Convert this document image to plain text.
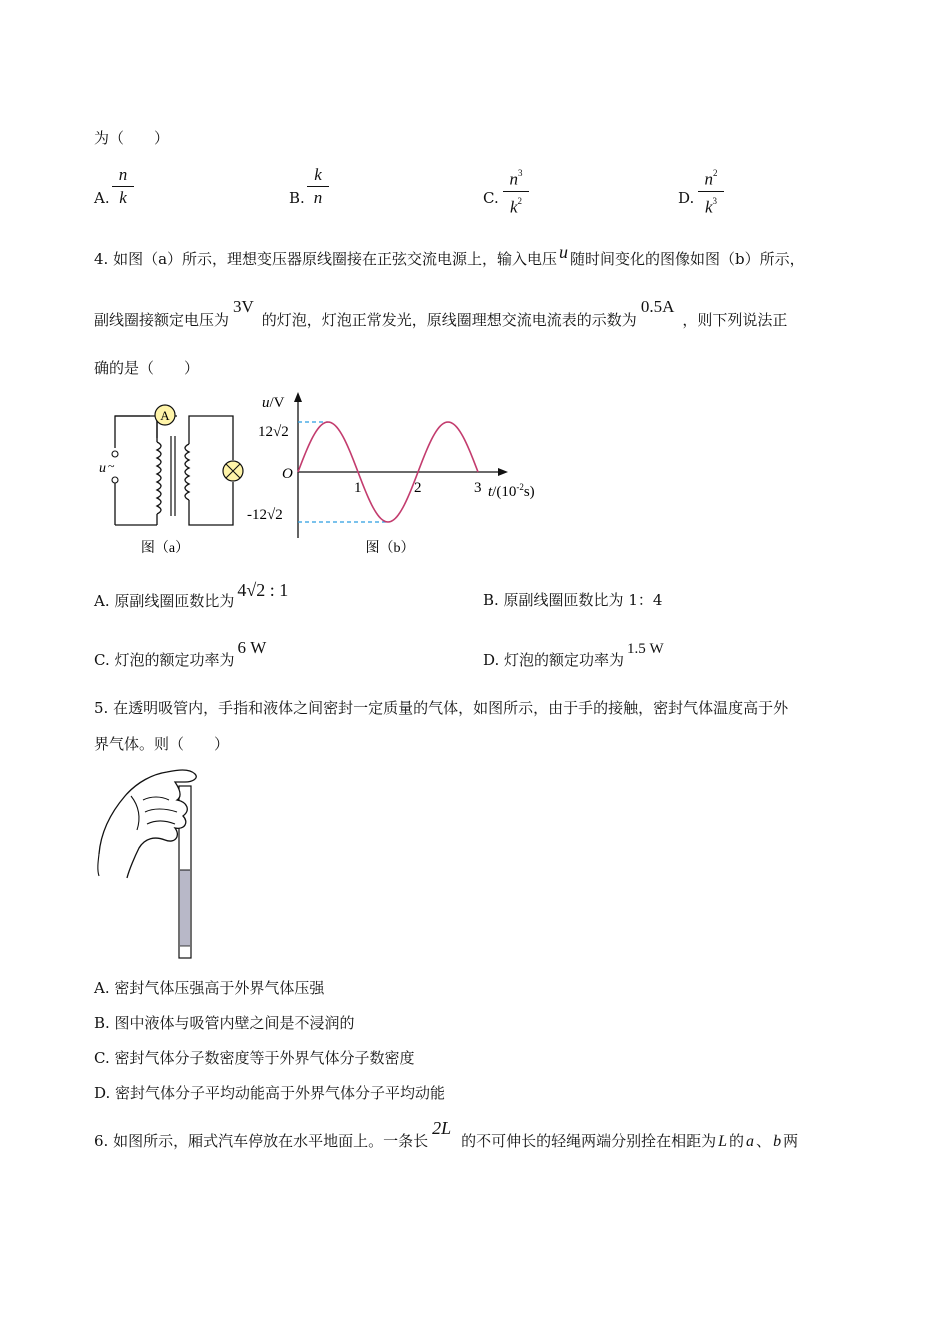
为（　　）
A.
n
k	B.
k
n	C.
$n^3$
$k^2$	D.
$n^2$
$k^3$
4. 如图（a）所示，理想变压器原线圈接在正弦交流电源上，输入电压 u 随时间变化的图像如图（b）所示，
副线圈接额定电压为3V的灯泡，灯泡正常发光，原线圈理想交流电流表的示数为0.5A，则下列说法正
确的是（　　）
A
u ~
图（a）
u/V
O
12√2
-12√2
1	2	3 $t/(10^{-2}s)$
图（b）
A. 原副线圈匝数比为4√2 : 1	B. 原副线圈匝数比为 1：4
C. 灯泡的额定功率为6 W
D. 灯泡的额定功率为1.5 W
5. 在透明吸管内，手指和液体之间密封一定质量的气体，如图所示，由于手的接触，密封气体温度高于外
界气体。则（　　）
A. 密封气体压强高于外界气体压强
B. 图中液体与吸管内壁之间是不浸润的
C. 密封气体分子数密度等于外界气体分子数密度
D. 密封气体分子平均动能高于外界气体分子平均动能
6. 如图所示，厢式汽车停放在水平地面上。一条长2L的不可伸长的轻绳两端分别拴在相距为 L 的 a 、 b 两
